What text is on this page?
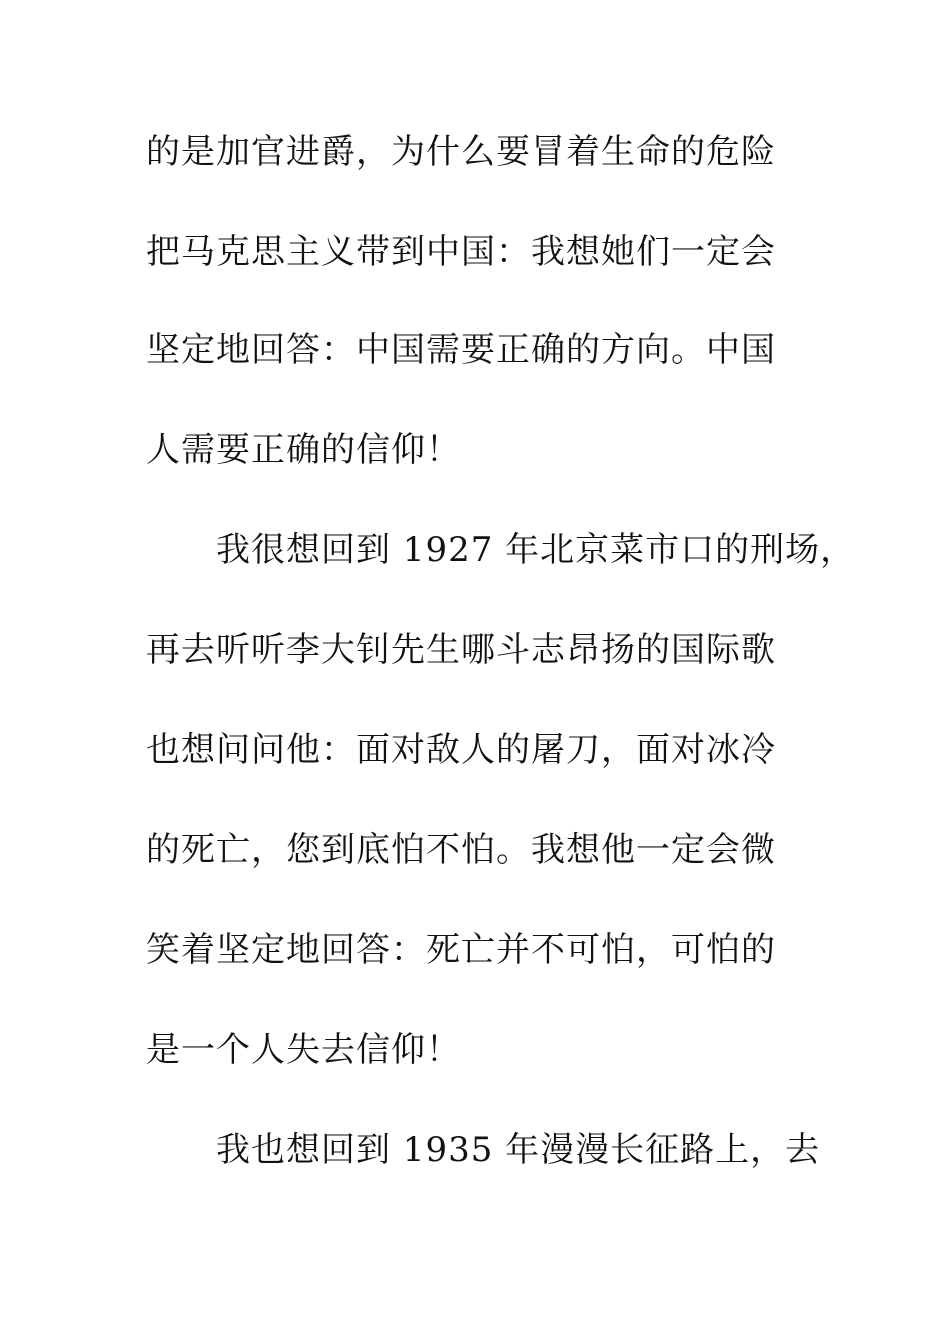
的是加官进爵，为什么要冒着生命的危险
把马克思主义带到中国：我想她们一定会
坚定地回答：中国需要正确的方向。中国
人需要正确的信仰！
我很想回到 1927 年北京菜市口的刑场，
再去听听李大钊先生哪斗志昂扬的国际歌
也想问问他：面对敌人的屠刀，面对冰冷
的死亡，您到底怕不怕。我想他一定会微
笑着坚定地回答：死亡并不可怕，可怕的
是一个人失去信仰！
我也想回到 1935 年漫漫长征路上，去
